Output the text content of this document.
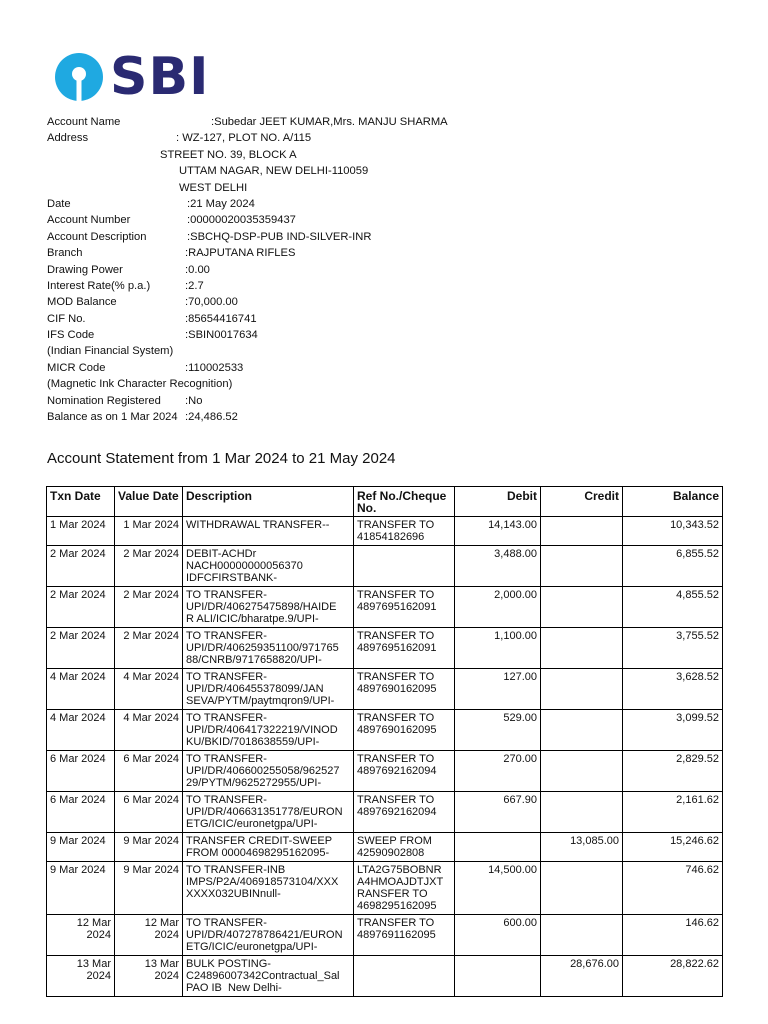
SBI
Account Name	:Subedar JEET KUMAR,Mrs. MANJU SHARMA
Address	: WZ-127, PLOT NO. A/115
STREET NO. 39, BLOCK A
UTTAM NAGAR, NEW DELHI-110059
WEST DELHI
Date	:21 May 2024
Account Number	:00000020035359437
Account Description	:SBCHQ-DSP-PUB IND-SILVER-INR
Branch	:RAJPUTANA RIFLES
Drawing Power	:0.00
Interest Rate(% p.a.)	:2.7
MOD Balance	:70,000.00
CIF No.	:85654416741
IFS Code	:SBIN0017634
(Indian Financial System)
MICR Code	:110002533
(Magnetic Ink Character Recognition)
Nomination Registered :No
Balance as on 1 Mar 2024 :24,486.52
Account Statement from 1 Mar 2024 to 21 May 2024
Txn Date	Value Date	Description	Ref No./Cheque No.	Debit	Credit	Balance
1 Mar 2024	1 Mar 2024	WITHDRAWAL TRANSFER--	TRANSFER TO
41854182696	14,143.00		10,343.52
2 Mar 2024	2 Mar 2024	DEBIT-ACHDr
NACH00000000056370
IDFCFIRSTBANK-		3,488.00		6,855.52
2 Mar 2024	2 Mar 2024	TO TRANSFER-
UPI/DR/406275475898/HAIDE
R ALI/ICIC/bharatpe.9/UPI-	TRANSFER TO
4897695162091	2,000.00		4,855.52
2 Mar 2024	2 Mar 2024	TO TRANSFER-
UPI/DR/406259351100/971765
88/CNRB/9717658820/UPI-	TRANSFER TO
4897695162091	1,100.00		3,755.52
4 Mar 2024	4 Mar 2024	TO TRANSFER-
UPI/DR/406455378099/JAN
SEVA/PYTM/paytmqron9/UPI-	TRANSFER TO
4897690162095	127.00		3,628.52
4 Mar 2024	4 Mar 2024	TO TRANSFER-
UPI/DR/406417322219/VINOD
KU/BKID/7018638559/UPI-	TRANSFER TO
4897690162095	529.00		3,099.52
6 Mar 2024	6 Mar 2024	TO TRANSFER-
UPI/DR/406600255058/962527
29/PYTM/9625272955/UPI-	TRANSFER TO
4897692162094	270.00		2,829.52
6 Mar 2024	6 Mar 2024	TO TRANSFER-
UPI/DR/406631351778/EURON
ETG/ICIC/euronetgpa/UPI-	TRANSFER TO
4897692162094	667.90		2,161.62
9 Mar 2024	9 Mar 2024	TRANSFER CREDIT-SWEEP
FROM 00004698295162095-	SWEEP FROM
42590902808		13,085.00	15,246.62
9 Mar 2024	9 Mar 2024	TO TRANSFER-INB
IMPS/P2A/406918573104/XXX
XXXX032UBINnull-	LTA2G75BOBNR
A4HMOAJDTJXT
RANSFER TO
4698295162095	14,500.00		746.62
12 Mar
2024	12 Mar
2024	TO TRANSFER-
UPI/DR/407278786421/EURON
ETG/ICIC/euronetgpa/UPI-	TRANSFER TO
4897691162095	600.00		146.62
13 Mar
2024	13 Mar
2024	BULK POSTING-
C24896007342Contractual_Sal
PAO IB  New Delhi-			28,676.00	28,822.62
